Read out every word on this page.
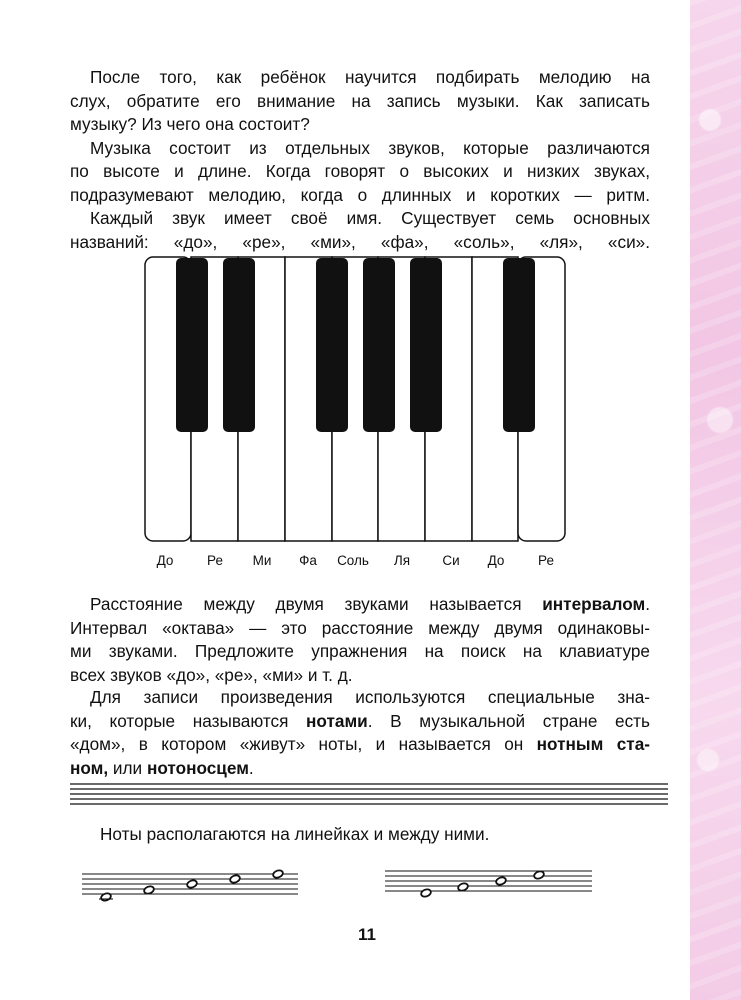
После того, как ребёнок научится подбирать мелодию на
слух, обратите его внимание на запись музыки. Как записать
музыку? Из чего она состоит?
Музыка состоит из отдельных звуков, которые различаются
по высоте и длине. Когда говорят о высоких и низких звуках,
подразумевают мелодию, когда о длинных и коротких — ритм.
Каждый звук имеет своё имя. Существует семь основных
названий: «до», «ре», «ми», «фа», «соль», «ля», «си».
До Ре Ми Фа Соль Ля Си До Ре
Расстояние между двумя звуками называется интервалом.
Интервал «октава» — это расстояние между двумя одинаковы-
ми звуками. Предложите упражнения на поиск на клавиатуре
всех звуков «до», «ре», «ми» и т. д.
Для записи произведения используются специальные зна-
ки, которые называются нотами. В музыкальной стране есть
«дом», в котором «живут» ноты, и называется он нотным ста-
ном, или нотоносцем.
Ноты располагаются на линейках и между ними.
11
